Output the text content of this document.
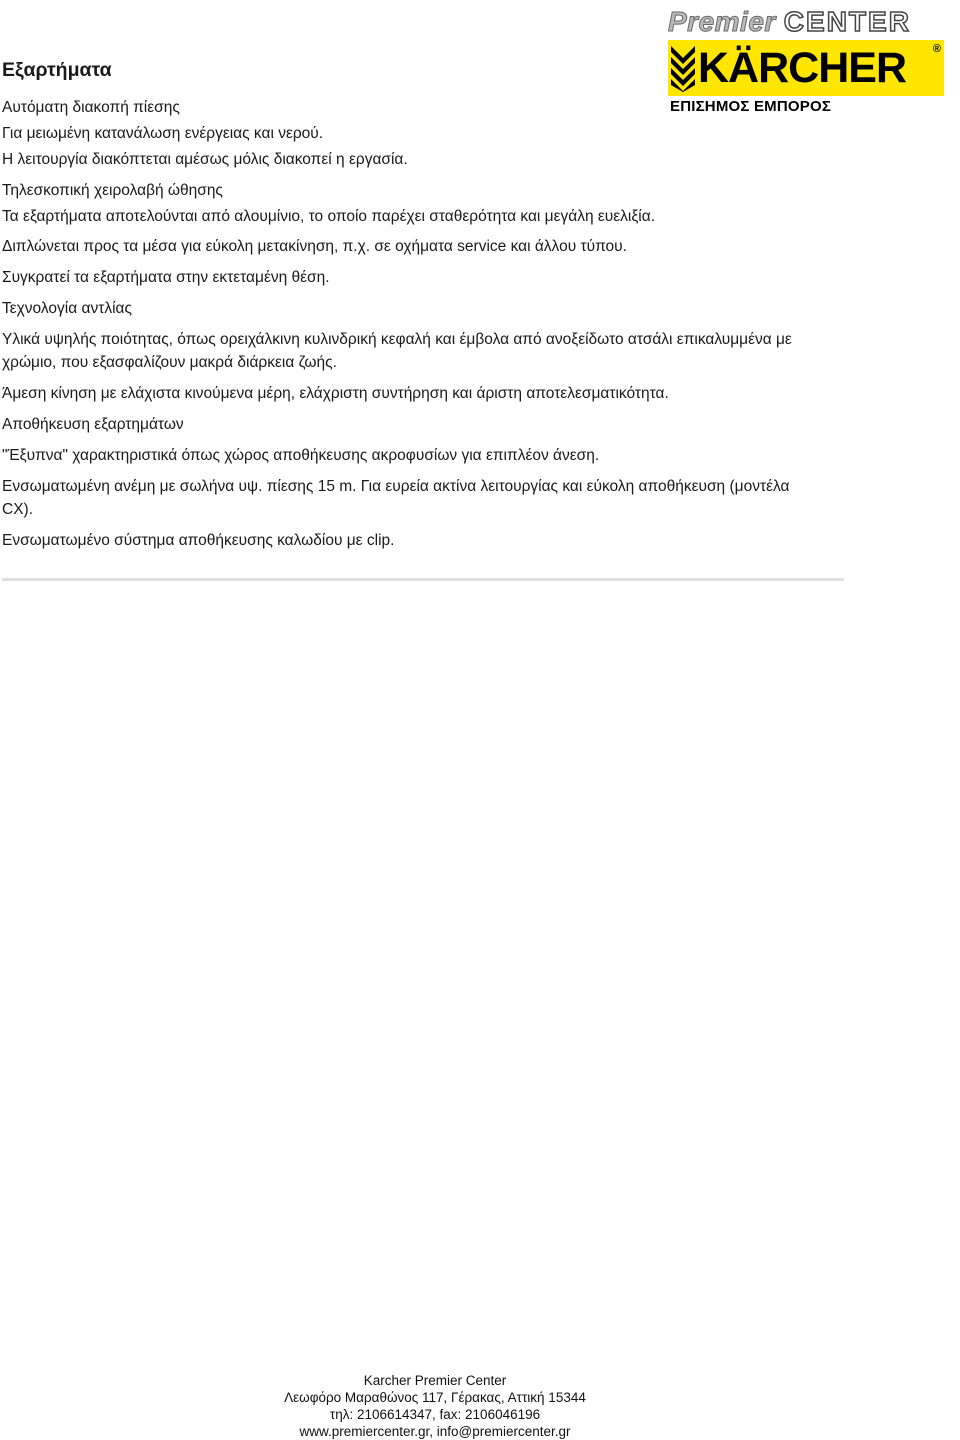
Premier CENTER
KÄRCHER ®
ΕΠΙΣΗΜΟΣ ΕΜΠΟΡΟΣ
Εξαρτήματα
Αυτόματη διακοπή πίεσης
Για μειωμένη κατανάλωση ενέργειας και νερού.
Η λειτουργία διακόπτεται αμέσως μόλις διακοπεί η εργασία.
Τηλεσκοπική χειρολαβή ώθησης
Τα εξαρτήματα αποτελούνται από αλουμίνιο, το οποίο παρέχει σταθερότητα και μεγάλη ευελιξία.
Διπλώνεται προς τα μέσα για εύκολη μετακίνηση, π.χ. σε οχήματα service και άλλου τύπου.
Συγκρατεί τα εξαρτήματα στην εκτεταμένη θέση.
Τεχνολογία αντλίας
Υλικά υψηλής ποιότητας, όπως ορειχάλκινη κυλινδρική κεφαλή και έμβολα από ανοξείδωτο ατσάλι επικαλυμμένα με χρώμιο, που εξασφαλίζουν μακρά διάρκεια ζωής.
Άμεση κίνηση με ελάχιστα κινούμενα μέρη, ελάχριστη συντήρηση και άριστη αποτελεσματικότητα.
Αποθήκευση εξαρτημάτων
"Έξυπνα" χαρακτηριστικά όπως χώρος αποθήκευσης ακροφυσίων για επιπλέον άνεση.
Ενσωματωμένη ανέμη με σωλήνα υψ. πίεσης 15 m. Για ευρεία ακτίνα λειτουργίας και εύκολη αποθήκευση (μοντέλα CX).
Ενσωματωμένο σύστημα αποθήκευσης καλωδίου με clip.
Karcher Premier Center
Λεωφόρο Μαραθώνος 117, Γέρακας, Αττική 15344
τηλ: 2106614347, fax: 2106046196
www.premiercenter.gr, info@premiercenter.gr
